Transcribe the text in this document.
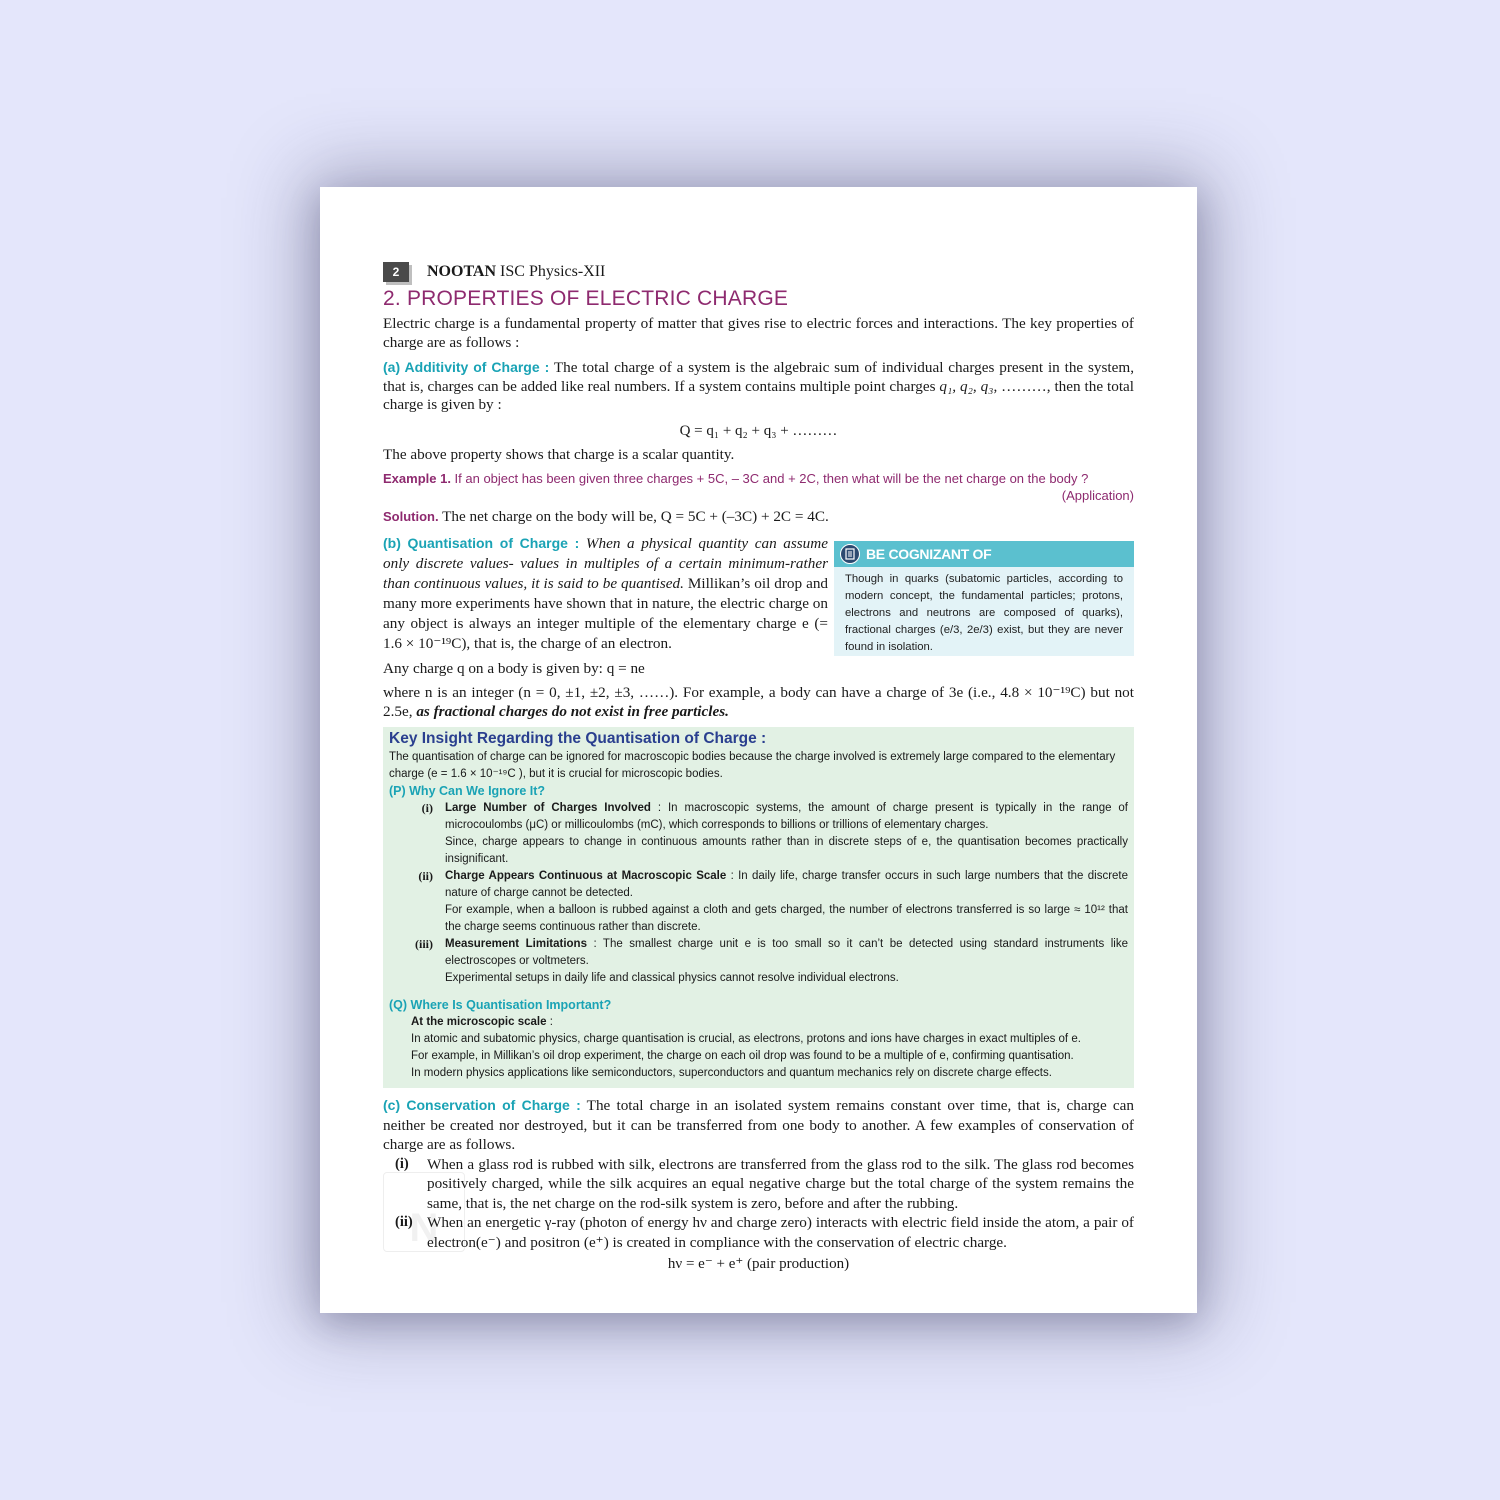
N
2	NOOTAN ISC Physics-XII
2. PROPERTIES OF ELECTRIC CHARGE

Electric charge is a fundamental property of matter that gives rise to electric forces and interactions. The key properties of charge are as follows :

(a) Additivity of Charge : The total charge of a system is the algebraic sum of individual charges present in the system, that is, charges can be added like real numbers. If a system contains multiple point charges q₁, q₂, q₃, ………, then the total charge is given by :

Q = q₁ + q₂ + q₃ + ………

The above property shows that charge is a scalar quantity.

Example 1. If an object has been given three charges + 5C, – 3C and + 2C, then what will be the net charge on the body ?
(Application)

Solution. The net charge on the body will be, Q = 5C + (–3C) + 2C = 4C.

(b) Quantisation of Charge : When a physical quantity can assume only discrete values- values in multiples of a certain minimum-rather than continuous values, it is said to be quantised. Millikan’s oil drop and many more experiments have shown that in nature, the electric charge on any object is always an integer multiple of the elementary charge e (= 1.6 × 10⁻¹⁹C), that is, the charge of an electron.
BE COGNIZANT OF
Though in quarks (subatomic particles, according to modern concept, the fundamental particles; protons, electrons and neutrons are composed of quarks), fractional charges (e/3, 2e/3) exist, but they are never found in isolation.

Any charge q on a body is given by: q = ne

where n is an integer (n = 0, ±1, ±2, ±3, ……). For example, a body can have a charge of 3e (i.e., 4.8 × 10⁻¹⁹C) but not 2.5e, as fractional charges do not exist in free particles.

Key Insight Regarding the Quantisation of Charge :
The quantisation of charge can be ignored for macroscopic bodies because the charge involved is extremely large compared to the elementary charge (e = 1.6 × 10⁻¹⁹C ), but it is crucial for microscopic bodies.
(P) Why Can We Ignore It?
(i)	Large Number of Charges Involved : In macroscopic systems, the amount of charge present is typically in the range of microcoulombs (μC) or millicoulombs (mC), which corresponds to billions or trillions of elementary charges.
Since, charge appears to change in continuous amounts rather than in discrete steps of e, the quantisation becomes practically insignificant.
(ii)	Charge Appears Continuous at Macroscopic Scale : In daily life, charge transfer occurs in such large numbers that the discrete nature of charge cannot be detected.
For example, when a balloon is rubbed against a cloth and gets charged, the number of electrons transferred is so large ≈ 10¹² that the charge seems continuous rather than discrete.
(iii)	Measurement Limitations : The smallest charge unit e is too small so it can’t be detected using standard instruments like electroscopes or voltmeters.
Experimental setups in daily life and classical physics cannot resolve individual electrons.
(Q) Where Is Quantisation Important?
At the microscopic scale :
In atomic and subatomic physics, charge quantisation is crucial, as electrons, protons and ions have charges in exact multiples of e.
For example, in Millikan’s oil drop experiment, the charge on each oil drop was found to be a multiple of e, confirming quantisation.
In modern physics applications like semiconductors, superconductors and quantum mechanics rely on discrete charge effects.

(c) Conservation of Charge : The total charge in an isolated system remains constant over time, that is, charge can neither be created nor destroyed, but it can be transferred from one body to another. A few examples of conservation of charge are as follows.

(i)	When a glass rod is rubbed with silk, electrons are transferred from the glass rod to the silk. The glass rod becomes positively charged, while the silk acquires an equal negative charge but the total charge of the system remains the same, that is, the net charge on the rod-silk system is zero, before and after the rubbing.
(ii) When an energetic γ-ray (photon of energy hν and charge zero) interacts with electric field inside the atom, a pair of electron(e⁻) and positron (e⁺) is created in compliance with the conservation of electric charge.
hν = e⁻ + e⁺ (pair production)
